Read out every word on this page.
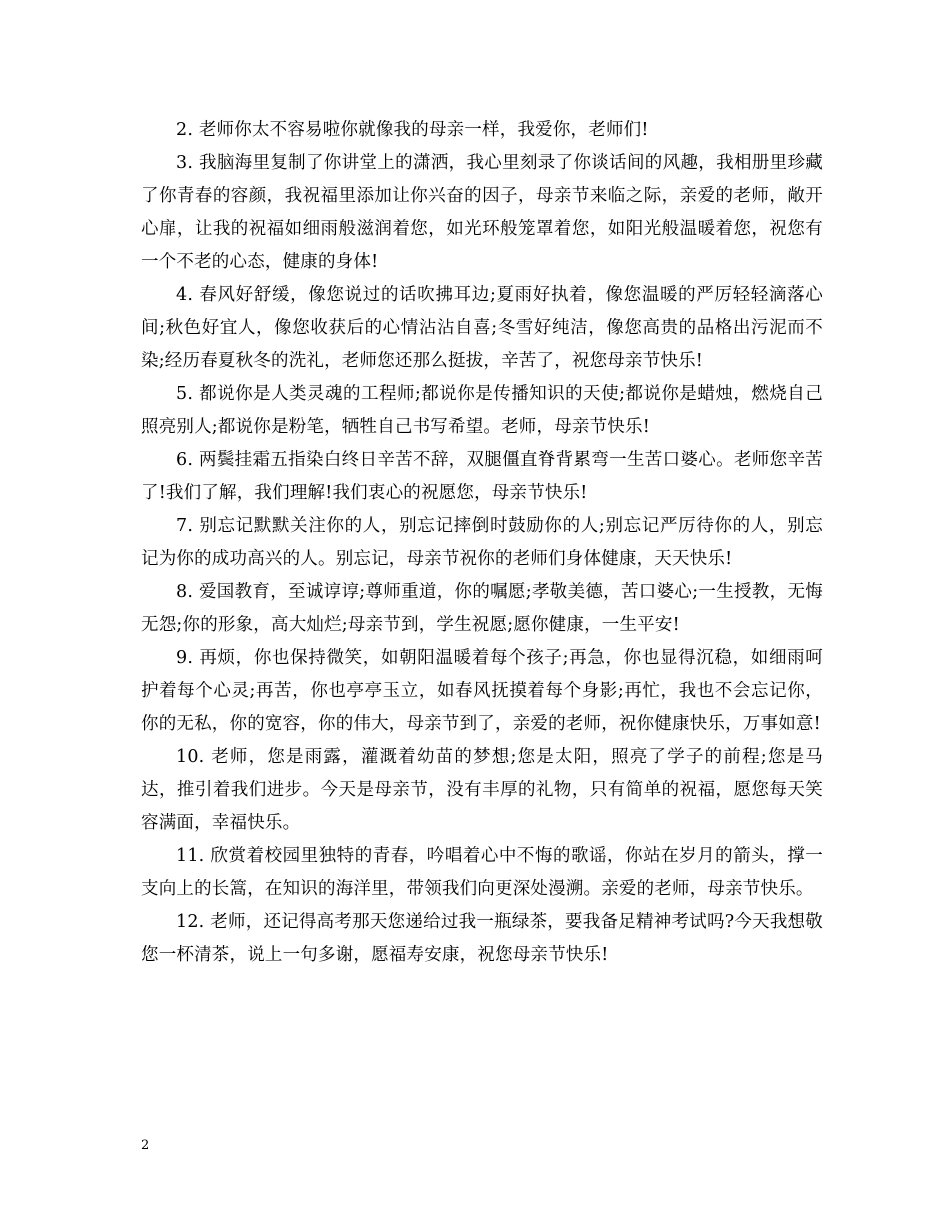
2. 老师你太不容易啦你就像我的母亲一样，我爱你，老师们!

3. 我脑海里复制了你讲堂上的潇洒，我心里刻录了你谈话间的风趣，我相册里珍藏了你青春的容颜，我祝福里添加让你兴奋的因子，母亲节来临之际，亲爱的老师，敞开心扉，让我的祝福如细雨般滋润着您，如光环般笼罩着您，如阳光般温暖着您，祝您有一个不老的心态，健康的身体!

4. 春风好舒缓，像您说过的话吹拂耳边;夏雨好执着，像您温暖的严厉轻轻滴落心间;秋色好宜人，像您收获后的心情沾沾自喜;冬雪好纯洁，像您高贵的品格出污泥而不染;经历春夏秋冬的洗礼，老师您还那么挺拔，辛苦了，祝您母亲节快乐!

5. 都说你是人类灵魂的工程师;都说你是传播知识的天使;都说你是蜡烛，燃烧自己照亮别人;都说你是粉笔，牺牲自己书写希望。老师，母亲节快乐!

6. 两鬓挂霜五指染白终日辛苦不辞，双腿僵直脊背累弯一生苦口婆心。老师您辛苦了!我们了解，我们理解!我们衷心的祝愿您，母亲节快乐!

7. 别忘记默默关注你的人，别忘记摔倒时鼓励你的人;别忘记严厉待你的人，别忘记为你的成功高兴的人。别忘记，母亲节祝你的老师们身体健康，天天快乐!

8. 爱国教育，至诚谆谆;尊师重道，你的嘱愿;孝敬美德，苦口婆心;一生授教，无悔无怨;你的形象，高大灿烂;母亲节到，学生祝愿;愿你健康，一生平安!

9. 再烦，你也保持微笑，如朝阳温暖着每个孩子;再急，你也显得沉稳，如细雨呵护着每个心灵;再苦，你也亭亭玉立，如春风抚摸着每个身影;再忙，我也不会忘记你，你的无私，你的宽容，你的伟大，母亲节到了，亲爱的老师，祝你健康快乐，万事如意!

10. 老师，您是雨露，灌溉着幼苗的梦想;您是太阳，照亮了学子的前程;您是马达，推引着我们进步。今天是母亲节，没有丰厚的礼物，只有简单的祝福，愿您每天笑容满面，幸福快乐。

11. 欣赏着校园里独特的青春，吟唱着心中不悔的歌谣，你站在岁月的箭头，撑一支向上的长篙，在知识的海洋里，带领我们向更深处漫溯。亲爱的老师，母亲节快乐。

12. 老师，还记得高考那天您递给过我一瓶绿茶，要我备足精神考试吗?今天我想敬您一杯清茶，说上一句多谢，愿福寿安康，祝您母亲节快乐!

2
